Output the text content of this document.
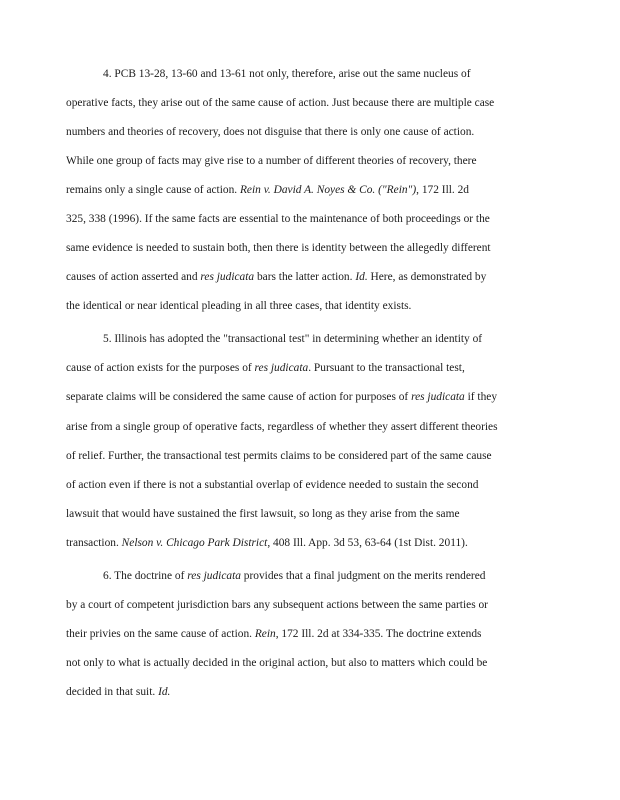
4. PCB 13-28, 13-60 and 13-61 not only, therefore, arise out the same nucleus of
operative facts, they arise out of the same cause of action. Just because there are multiple case
numbers and theories of recovery, does not disguise that there is only one cause of action.
While one group of facts may give rise to a number of different theories of recovery, there
remains only a single cause of action. Rein v. David A. Noyes & Co. ("Rein"), 172 Ill. 2d
325, 338 (1996). If the same facts are essential to the maintenance of both proceedings or the
same evidence is needed to sustain both, then there is identity between the allegedly different
causes of action asserted and res judicata bars the latter action. Id. Here, as demonstrated by
the identical or near identical pleading in all three cases, that identity exists.
5. Illinois has adopted the "transactional test" in determining whether an identity of
cause of action exists for the purposes of res judicata. Pursuant to the transactional test,
separate claims will be considered the same cause of action for purposes of res judicata if they
arise from a single group of operative facts, regardless of whether they assert different theories
of relief. Further, the transactional test permits claims to be considered part of the same cause
of action even if there is not a substantial overlap of evidence needed to sustain the second
lawsuit that would have sustained the first lawsuit, so long as they arise from the same
transaction. Nelson v. Chicago Park District, 408 Ill. App. 3d 53, 63-64 (1st Dist. 2011).
6. The doctrine of res judicata provides that a final judgment on the merits rendered
by a court of competent jurisdiction bars any subsequent actions between the same parties or
their privies on the same cause of action. Rein, 172 Ill. 2d at 334-335. The doctrine extends
not only to what is actually decided in the original action, but also to matters which could be
decided in that suit. Id.
